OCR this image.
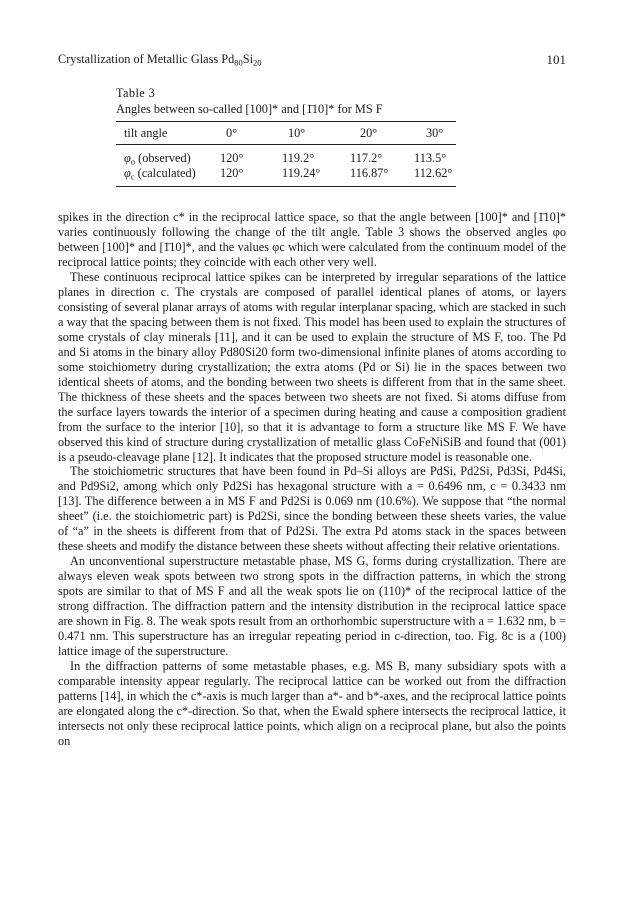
Crystallization of Metallic Glass $Pd_{80}Si_{20}$	101
Table 3
Angles between so-called [100]* and [1̄10]* for MS F
tilt angle	0°	10°	20°	30°
$\varphi_o$ (observed) 120°	119.2°	117.2°	113.5°
$\varphi_c$ (calculated) 120°	119.24° 116.87° 112.62°

spikes in the direction c* in the reciprocal lattice space, so that the angle between [100]* and [1̄10]* varies continuously following the change of the tilt angle. Table 3 shows the observed angles φo between [100]* and [1̄10]*, and the values φc which were calculated from the continuum model of the reciprocal lattice points; they coincide with each other very well.

These continuous reciprocal lattice spikes can be interpreted by irregular separations of the lattice planes in direction c. The crystals are composed of parallel identical planes of atoms, or layers consisting of several planar arrays of atoms with regular interplanar spacing, which are stacked in such a way that the spacing between them is not fixed. This model has been used to explain the structures of some crystals of clay minerals [11], and it can be used to explain the structure of MS F, too. The Pd and Si atoms in the binary alloy Pd80Si20 form two-dimensional infinite planes of atoms according to some stoichiometry during crystallization; the extra atoms (Pd or Si) lie in the spaces between two identical sheets of atoms, and the bonding between two sheets is different from that in the same sheet. The thickness of these sheets and the spaces between two sheets are not fixed. Si atoms diffuse from the surface layers towards the interior of a specimen during heating and cause a composition gradient from the surface to the interior [10], so that it is advantage to form a structure like MS F. We have observed this kind of structure during crystallization of metallic glass CoFeNiSiB and found that (001) is a pseudo-cleavage plane [12]. It indicates that the proposed structure model is reasonable one.

The stoichiometric structures that have been found in Pd–Si alloys are PdSi, Pd2Si, Pd3Si, Pd4Si, and Pd9Si2, among which only Pd2Si has hexagonal structure with a = 0.6496 nm, c = 0.3433 nm [13]. The difference between a in MS F and Pd2Si is 0.069 nm (10.6%). We suppose that “the normal sheet” (i.e. the stoichiometric part) is Pd2Si, since the bonding between these sheets varies, the value of “a” in the sheets is different from that of Pd2Si. The extra Pd atoms stack in the spaces between these sheets and modify the distance between these sheets without affecting their relative orientations.

An unconventional superstructure metastable phase, MS G, forms during crystallization. There are always eleven weak spots between two strong spots in the diffraction patterns, in which the strong spots are similar to that of MS F and all the weak spots lie on (110)* of the reciprocal lattice of the strong diffraction. The diffraction pattern and the intensity distribution in the reciprocal lattice space are shown in Fig. 8. The weak spots result from an orthorhombic superstructure with a = 1.632 nm, b = 0.471 nm. This superstructure has an irregular repeating period in c-direction, too. Fig. 8c is a (100) lattice image of the superstructure.

In the diffraction patterns of some metastable phases, e.g. MS B, many subsidiary spots with a comparable intensity appear regularly. The reciprocal lattice can be worked out from the diffraction patterns [14], in which the c*-axis is much larger than a*- and b*-axes, and the reciprocal lattice points are elongated along the c*-direction. So that, when the Ewald sphere intersects the reciprocal lattice, it intersects not only these reciprocal lattice points, which align on a reciprocal plane, but also the points on
